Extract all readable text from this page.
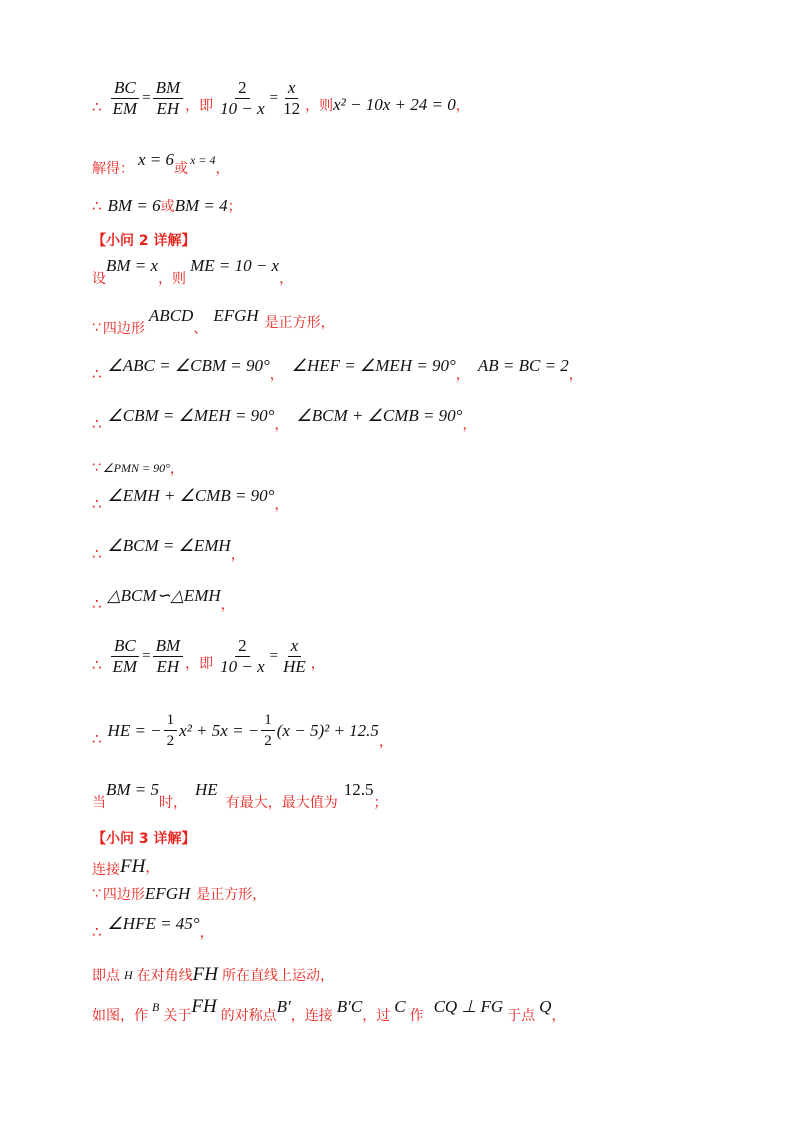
∴ $\frac{BC}{EM} = \frac{BM}{EH}$ ，即 $\frac{2}{10 - x} = \frac{x}{12}$ ，则 x² − 10x + 24 = 0 ，
解得： x = 6 或
x = 4
，
∴ BM = 6 或 BM = 4 ；
【小问 2 详解】
设
BM = x
，则
ME = 10 − x
，
∵ 四边形
ABCD
、
EFGH 是正方形，
∴ ∠ABC = ∠CBM = 90° ， ∠HEF = ∠MEH = 90° ， AB = BC = 2 ，
∴ ∠CBM = ∠MEH = 90° ， ∠BCM + ∠CMB = 90° ，
∵ ∠PMN = 90° ，
∴ ∠EMH + ∠CMB = 90° ，
∴ ∠BCM = ∠EMH ，
∴ △BCM∽△EMH ，
∴ $\frac{BC}{EM} = \frac{BM}{EH}$ ，即 $\frac{2}{10 - x} = \frac{x}{HE}$ ，
∴ HE = − $\frac{1}{2} x^2 + 5x$ = − $\frac{1}{2} (x - 5)^2 + 12.5$
，
当
BM = 5
时，
HE
有最大，最大值为
12.5
；
【小问 3 详解】
连接 FH ，
∵ 四边形 EFGH 是正方形，
∴ ∠HFE = 45° ，
即点 H 在对角线 FH 所在直线上运动，
如图，作
B
关于 FH 的对称点 B′ ，连接 B′C ，过 C 作 CQ ⊥ FG 于点 Q ，
